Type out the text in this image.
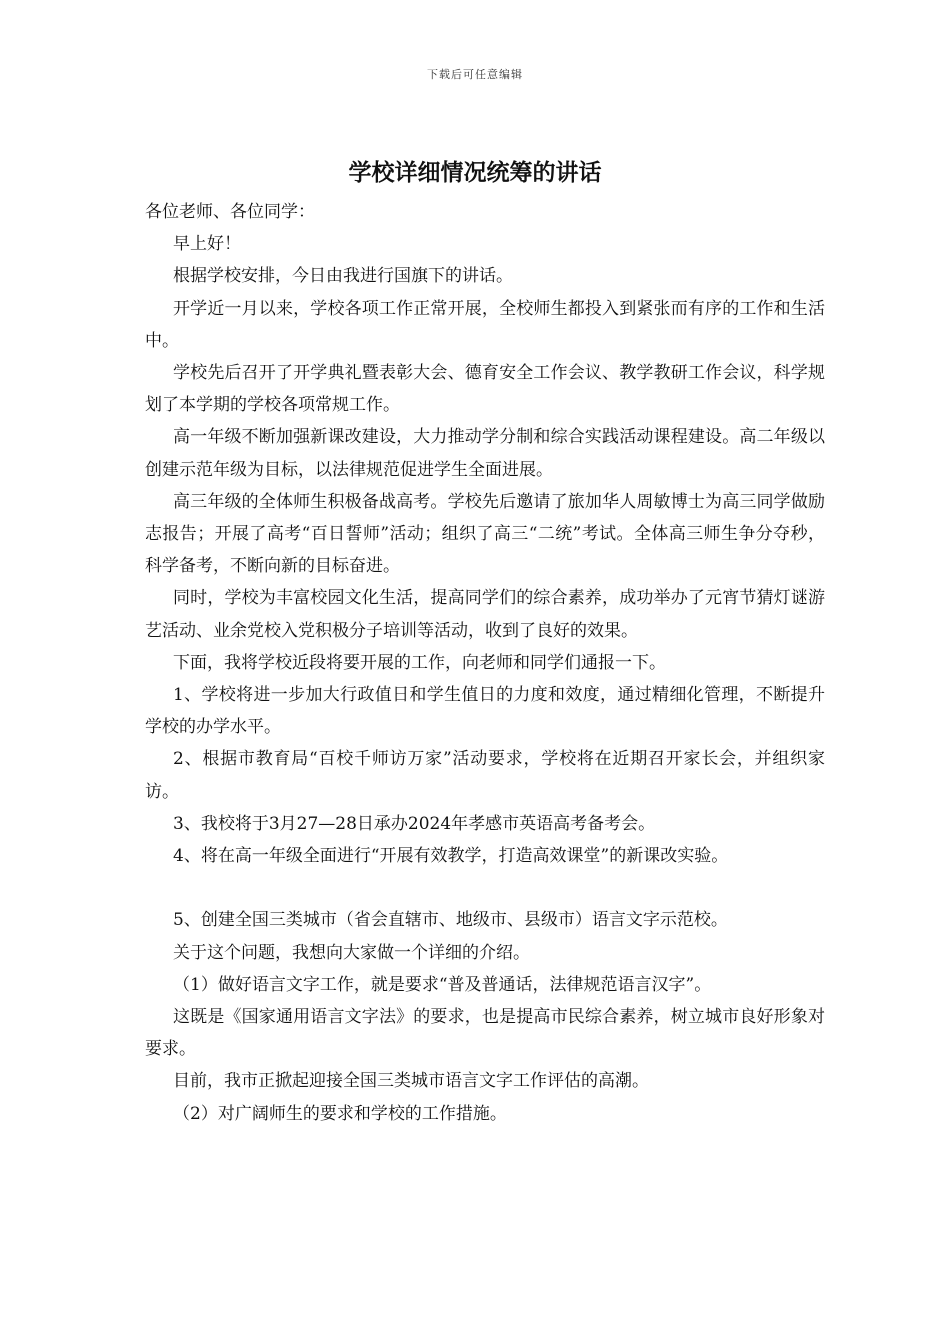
下载后可任意编辑
学校详细情况统筹的讲话

各位老师、各位同学：

早上好！

根据学校安排，今日由我进行国旗下的讲话。

开学近一月以来，学校各项工作正常开展，全校师生都投入到紧张而有序的工作和生活中。

学校先后召开了开学典礼暨表彰大会、德育安全工作会议、教学教研工作会议，科学规划了本学期的学校各项常规工作。

高一年级不断加强新课改建设，大力推动学分制和综合实践活动课程建设。高二年级以创建示范年级为目标，以法律规范促进学生全面进展。

高三年级的全体师生积极备战高考。学校先后邀请了旅加华人周敏博士为高三同学做励志报告；开展了高考“百日誓师”活动；组织了高三“二统”考试。全体高三师生争分夺秒，科学备考，不断向新的目标奋进。

同时，学校为丰富校园文化生活，提高同学们的综合素养，成功举办了元宵节猜灯谜游艺活动、业余党校入党积极分子培训等活动，收到了良好的效果。

下面，我将学校近段将要开展的工作，向老师和同学们通报一下。

1、学校将进一步加大行政值日和学生值日的力度和效度，通过精细化管理，不断提升学校的办学水平。

2、根据市教育局“百校千师访万家”活动要求，学校将在近期召开家长会，并组织家访。

3、我校将于3月27—28日承办2024年孝感市英语高考备考会。

4、将在高一年级全面进行“开展有效教学，打造高效课堂”的新课改实验。

5、创建全国三类城市（省会直辖市、地级市、县级市）语言文字示范校。

关于这个问题，我想向大家做一个详细的介绍。

（1）做好语言文字工作，就是要求“普及普通话，法律规范语言汉字”。

这既是《国家通用语言文字法》的要求，也是提高市民综合素养，树立城市良好形象对要求。

目前，我市正掀起迎接全国三类城市语言文字工作评估的高潮。

（2）对广阔师生的要求和学校的工作措施。
